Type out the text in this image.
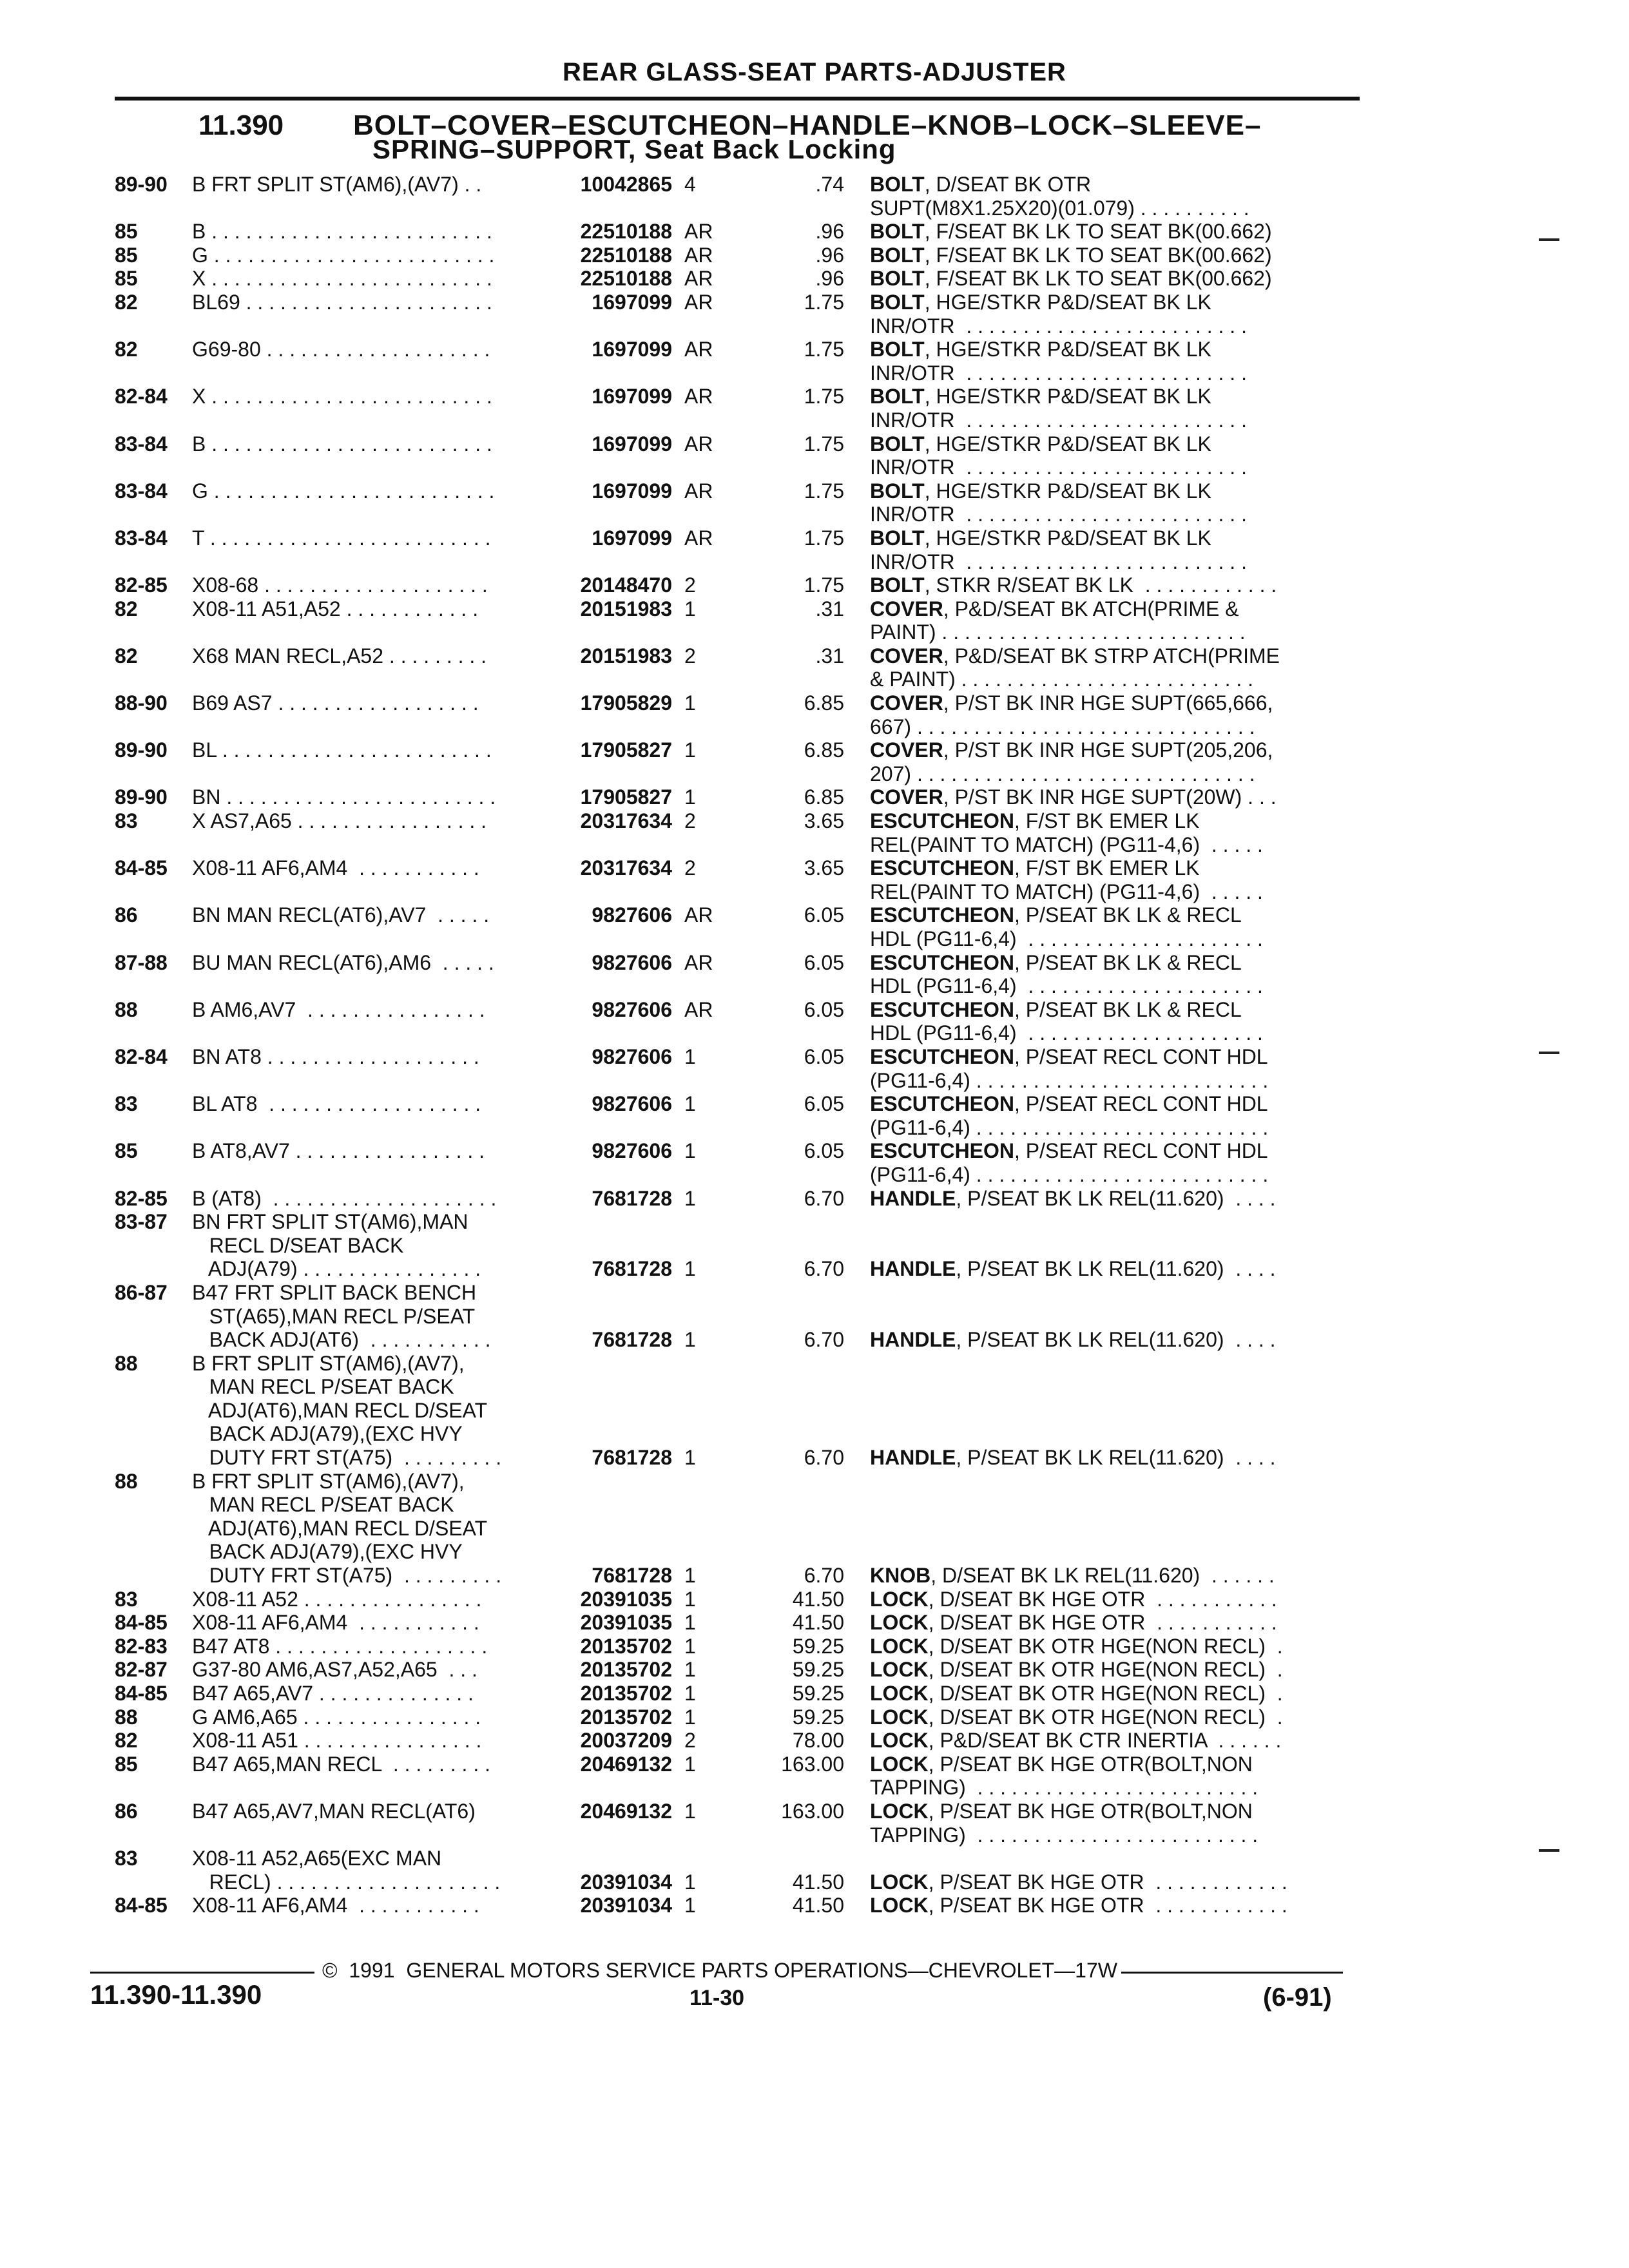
REAR GLASS-SEAT PARTS-ADJUSTER
11.390 BOLT–COVER–ESCUTCHEON–HANDLE–KNOB–LOCK–SLEEVE–
SPRING–SUPPORT, Seat Back Locking
89-90	B FRT SPLIT ST(AM6),(AV7) . .	10042865 4	.74 BOLT, D/SEAT BK OTR
SUPT(M8X1.25X20)(01.079) . . . . . . . . . .
85	B . . . . . . . . . . . . . . . . . . . . . . . . .	22510188 AR	.96 BOLT, F/SEAT BK LK TO SEAT BK(00.662)
85	G . . . . . . . . . . . . . . . . . . . . . . . . .	22510188 AR	.96 BOLT, F/SEAT BK LK TO SEAT BK(00.662)
85	X . . . . . . . . . . . . . . . . . . . . . . . . .	22510188 AR	.96 BOLT, F/SEAT BK LK TO SEAT BK(00.662)
82	BL69 . . . . . . . . . . . . . . . . . . . . . .	1697099 AR	1.75 BOLT, HGE/STKR P&D/SEAT BK LK
INR/OTR  . . . . . . . . . . . . . . . . . . . . . . . . .
82	G69-80 . . . . . . . . . . . . . . . . . . . .	1697099 AR	1.75 BOLT, HGE/STKR P&D/SEAT BK LK
INR/OTR  . . . . . . . . . . . . . . . . . . . . . . . . .
82-84	X . . . . . . . . . . . . . . . . . . . . . . . . .	1697099 AR	1.75 BOLT, HGE/STKR P&D/SEAT BK LK
INR/OTR  . . . . . . . . . . . . . . . . . . . . . . . . .
83-84	B . . . . . . . . . . . . . . . . . . . . . . . . .	1697099 AR	1.75 BOLT, HGE/STKR P&D/SEAT BK LK
INR/OTR  . . . . . . . . . . . . . . . . . . . . . . . . .
83-84	G . . . . . . . . . . . . . . . . . . . . . . . . .	1697099 AR	1.75 BOLT, HGE/STKR P&D/SEAT BK LK
INR/OTR  . . . . . . . . . . . . . . . . . . . . . . . . .
83-84	T . . . . . . . . . . . . . . . . . . . . . . . . .	1697099 AR	1.75 BOLT, HGE/STKR P&D/SEAT BK LK
INR/OTR  . . . . . . . . . . . . . . . . . . . . . . . . .
82-85	X08-68 . . . . . . . . . . . . . . . . . . . .	20148470 2	1.75 BOLT, STKR R/SEAT BK LK  . . . . . . . . . . . .
82	X08-11 A51,A52 . . . . . . . . . . . .	20151983 1	.31 COVER, P&D/SEAT BK ATCH(PRIME &
PAINT) . . . . . . . . . . . . . . . . . . . . . . . . . . .
82	X68 MAN RECL,A52 . . . . . . . . .	20151983 2	.31 COVER, P&D/SEAT BK STRP ATCH(PRIME
& PAINT) . . . . . . . . . . . . . . . . . . . . . . . . . .
88-90	B69 AS7 . . . . . . . . . . . . . . . . . .	17905829 1	6.85 COVER, P/ST BK INR HGE SUPT(665,666,
667) . . . . . . . . . . . . . . . . . . . . . . . . . . . . . .
89-90	BL . . . . . . . . . . . . . . . . . . . . . . . .	17905827 1	6.85 COVER, P/ST BK INR HGE SUPT(205,206,
207) . . . . . . . . . . . . . . . . . . . . . . . . . . . . . .
89-90	BN . . . . . . . . . . . . . . . . . . . . . . . .	17905827 1	6.85 COVER, P/ST BK INR HGE SUPT(20W) . . .
83	X AS7,A65 . . . . . . . . . . . . . . . . .	20317634 2	3.65 ESCUTCHEON, F/ST BK EMER LK
REL(PAINT TO MATCH) (PG11-4,6)  . . . . .
84-85	X08-11 AF6,AM4  . . . . . . . . . . .	20317634 2	3.65 ESCUTCHEON, F/ST BK EMER LK
REL(PAINT TO MATCH) (PG11-4,6)  . . . . .
86	BN MAN RECL(AT6),AV7  . . . . .	9827606 AR	6.05 ESCUTCHEON, P/SEAT BK LK & RECL
HDL (PG11-6,4)  . . . . . . . . . . . . . . . . . . . . .
87-88	BU MAN RECL(AT6),AM6  . . . . .	9827606 AR	6.05 ESCUTCHEON, P/SEAT BK LK & RECL
HDL (PG11-6,4)  . . . . . . . . . . . . . . . . . . . . .
88	B AM6,AV7  . . . . . . . . . . . . . . . .	9827606 AR	6.05 ESCUTCHEON, P/SEAT BK LK & RECL
HDL (PG11-6,4)  . . . . . . . . . . . . . . . . . . . . .
82-84	BN AT8 . . . . . . . . . . . . . . . . . . .	9827606 1	6.05 ESCUTCHEON, P/SEAT RECL CONT HDL
(PG11-6,4) . . . . . . . . . . . . . . . . . . . . . . . . . .
83	BL AT8  . . . . . . . . . . . . . . . . . . .	9827606 1	6.05 ESCUTCHEON, P/SEAT RECL CONT HDL
(PG11-6,4) . . . . . . . . . . . . . . . . . . . . . . . . . .
85	B AT8,AV7 . . . . . . . . . . . . . . . . .	9827606 1	6.05 ESCUTCHEON, P/SEAT RECL CONT HDL
(PG11-6,4) . . . . . . . . . . . . . . . . . . . . . . . . . .
82-85	B (AT8)  . . . . . . . . . . . . . . . . . . . .	7681728 1	6.70 HANDLE, P/SEAT BK LK REL(11.620)  . . . .
83-87	BN FRT SPLIT ST(AM6),MAN
RECL D/SEAT BACK
ADJ(A79) . . . . . . . . . . . . . . . .	7681728 1	6.70 HANDLE, P/SEAT BK LK REL(11.620)  . . . .
86-87	B47 FRT SPLIT BACK BENCH
ST(A65),MAN RECL P/SEAT
BACK ADJ(AT6)  . . . . . . . . . . .	7681728 1	6.70 HANDLE, P/SEAT BK LK REL(11.620)  . . . .
88	B FRT SPLIT ST(AM6),(AV7),
MAN RECL P/SEAT BACK
ADJ(AT6),MAN RECL D/SEAT
BACK ADJ(A79),(EXC HVY
DUTY FRT ST(A75)  . . . . . . . . .	7681728 1	6.70 HANDLE, P/SEAT BK LK REL(11.620)  . . . .
88	B FRT SPLIT ST(AM6),(AV7),
MAN RECL P/SEAT BACK
ADJ(AT6),MAN RECL D/SEAT
BACK ADJ(A79),(EXC HVY
DUTY FRT ST(A75)  . . . . . . . . .	7681728 1	6.70 KNOB, D/SEAT BK LK REL(11.620)  . . . . . .
83	X08-11 A52 . . . . . . . . . . . . . . . .	20391035 1	41.50 LOCK, D/SEAT BK HGE OTR  . . . . . . . . . . .
84-85	X08-11 AF6,AM4  . . . . . . . . . . .	20391035 1	41.50 LOCK, D/SEAT BK HGE OTR  . . . . . . . . . . .
82-83	B47 AT8 . . . . . . . . . . . . . . . . . . .	20135702 1	59.25 LOCK, D/SEAT BK OTR HGE(NON RECL)  .
82-87	G37-80 AM6,AS7,A52,A65  . . .	20135702 1	59.25 LOCK, D/SEAT BK OTR HGE(NON RECL)  .
84-85	B47 A65,AV7 . . . . . . . . . . . . . .	20135702 1	59.25 LOCK, D/SEAT BK OTR HGE(NON RECL)  .
88	G AM6,A65 . . . . . . . . . . . . . . . .	20135702 1	59.25 LOCK, D/SEAT BK OTR HGE(NON RECL)  .
82	X08-11 A51 . . . . . . . . . . . . . . . .	20037209 2	78.00 LOCK, P&D/SEAT BK CTR INERTIA  . . . . . .
85	B47 A65,MAN RECL  . . . . . . . . .	20469132 1	163.00 LOCK, P/SEAT BK HGE OTR(BOLT,NON
TAPPING)  . . . . . . . . . . . . . . . . . . . . . . . . .
86	B47 A65,AV7,MAN RECL(AT6)	20469132 1	163.00 LOCK, P/SEAT BK HGE OTR(BOLT,NON
TAPPING)  . . . . . . . . . . . . . . . . . . . . . . . . .
83	X08-11 A52,A65(EXC MAN
RECL) . . . . . . . . . . . . . . . . . . . .	20391034 1	41.50 LOCK, P/SEAT BK HGE OTR  . . . . . . . . . . . .
84-85	X08-11 AF6,AM4  . . . . . . . . . . .	20391034 1	41.50 LOCK, P/SEAT BK HGE OTR  . . . . . . . . . . . .
©  1991  GENERAL MOTORS SERVICE PARTS OPERATIONS—CHEVROLET—17W
11.390-11.390	11-30	(6-91)
